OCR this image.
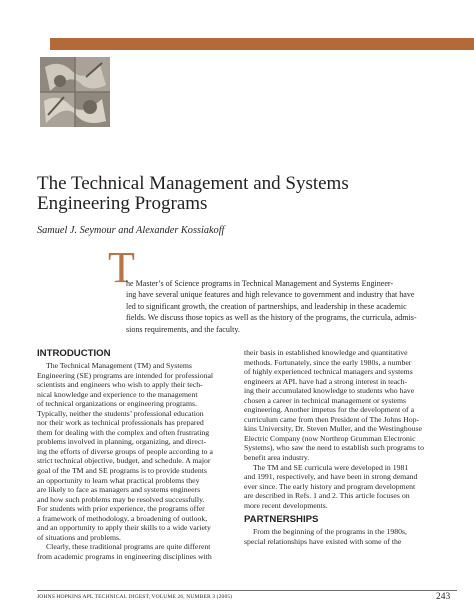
The Technical Management and Systems
Engineering Programs
Samuel J. Seymour and Alexander Kossiakoff
T
he Master’s of Science programs in Technical Management and Systems Engineer-
ing have several unique features and high relevance to government and industry that have
led to significant growth, the creation of partnerships, and leadership in these academic
fields. We discuss those topics as well as the history of the programs, the curricula, admis-
sions requirements, and the faculty.
INTRODUCTION
The Technical Management (TM) and Systems
Engineering (SE) programs are intended for professional
scientists and engineers who wish to apply their tech-
nical knowledge and experience to the management
of technical organizations or engineering programs.
Typically, neither the students’ professional education
nor their work as technical professionals has prepared
them for dealing with the complex and often frustrating
problems involved in planning, organizing, and direct-
ing the efforts of diverse groups of people according to a
strict technical objective, budget, and schedule. A major
goal of the TM and SE programs is to provide students
an opportunity to learn what practical problems they
are likely to face as managers and systems engineers
and how such problems may be resolved successfully.
For students with prior experience, the programs offer
a framework of methodology, a broadening of outlook,
and an opportunity to apply their skills to a wide variety
of situations and problems.
Clearly, these traditional programs are quite different
from academic programs in engineering disciplines with
their basis in established knowledge and quantitative
methods. Fortunately, since the early 1980s, a number
of highly experienced technical managers and systems
engineers at APL have had a strong interest in teach-
ing their accumulated knowledge to students who have
chosen a career in technical management or systems
engineering. Another impetus for the development of a
curriculum came from then President of The Johns Hop-
kins University, Dr. Steven Muller, and the Westinghouse
Electric Company (now Northrop Grumman Electronic
Systems), who saw the need to establish such programs to
benefit area industry.
The TM and SE curricula were developed in 1981
and 1991, respectively, and have been in strong demand
ever since. The early history and program development
are described in Refs. 1 and 2. This article focuses on
more recent developments.
PARTNERSHIPS
From the beginning of the programs in the 1980s,
special relationships have existed with some of the
JOHNS HOPKINS APL TECHNICAL DIGEST, VOLUME 26, NUMBER 3 (2005)	243
